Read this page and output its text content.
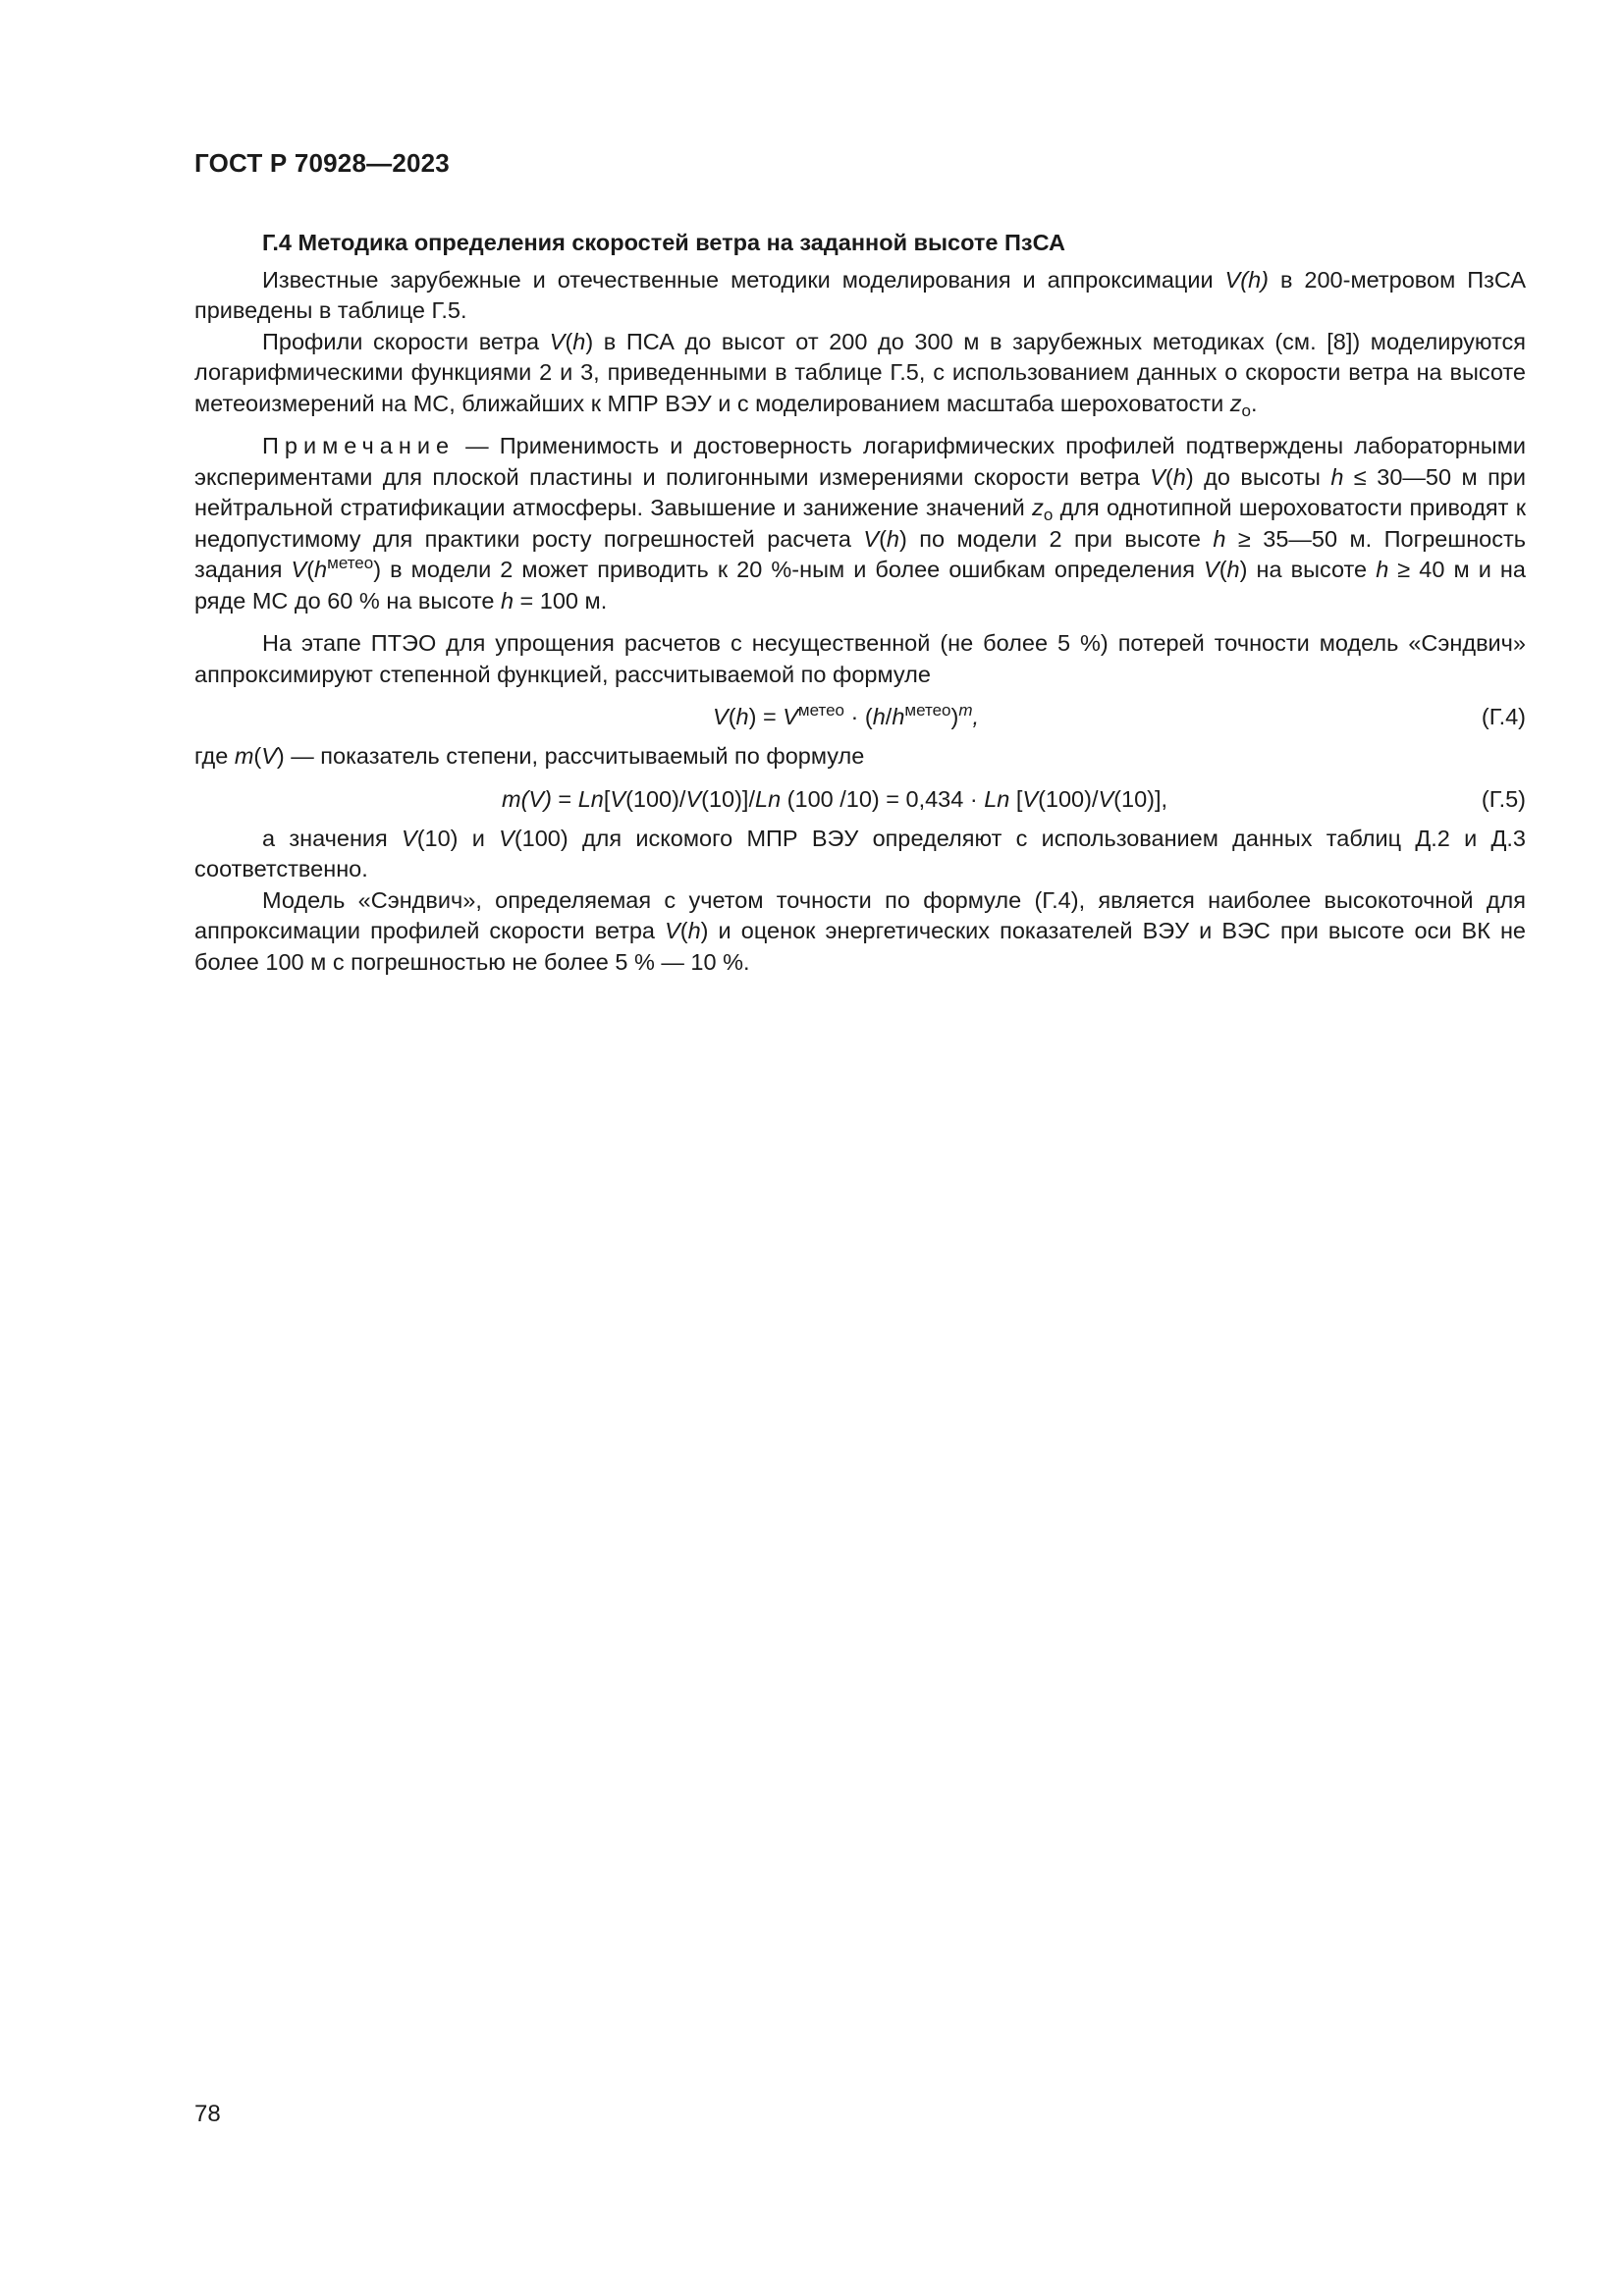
ГОСТ Р 70928—2023
Г.4 Методика определения скоростей ветра на заданной высоте ПзСА

Известные зарубежные и отечественные методики моделирования и аппроксимации V(h) в 200-метровом ПзСА приведены в таблице Г.5.

Профили скорости ветра V(h) в ПСА до высот от 200 до 300 м в зарубежных методиках (см. [8]) моделируются логарифмическими функциями 2 и 3, приведенными в таблице Г.5, с использованием данных о скорости ветра на высоте метеоизмерений на МС, ближайших к МПР ВЭУ и с моделированием масштаба шероховатости $z_о$.

Примечание — Применимость и достоверность логарифмических профилей подтверждены лабораторными экспериментами для плоской пластины и полигонными измерениями скорости ветра V(h) до высоты h ≤ 30—50 м при нейтральной стратификации атмосферы. Завышение и занижение значений $z_о$ для однотипной шероховатости приводят к недопустимому для практики росту погрешностей расчета V(h) по модели 2 при высоте h ≥ 35—50 м. Погрешность задания $V(h^{метео})$ в модели 2 может приводить к 20 %-ным и более ошибкам определения V(h) на высоте h ≥ 40 м и на ряде МС до 60 % на высоте h = 100 м.

На этапе ПТЭО для упрощения расчетов с несущественной (не более 5 %) потерей точности модель «Сэндвич» аппроксимируют степенной функцией, рассчитываемой по формуле

$V(h) = V^{метео} \cdot (h/h^{метео})^m$,	(Г.4)

где m(V) — показатель степени, рассчитываемый по формуле

m(V) = Ln[V(100)/V(10)]/Ln (100 /10) = 0,434 · Ln [V(100)/V(10)],	(Г.5)

а значения V(10) и V(100) для искомого МПР ВЭУ определяют с использованием данных таблиц Д.2 и Д.3 соответственно.

Модель «Сэндвич», определяемая с учетом точности по формуле (Г.4), является наиболее высокоточной для аппроксимации профилей скорости ветра V(h) и оценок энергетических показателей ВЭУ и ВЭС при высоте оси ВК не более 100 м с погрешностью не более 5 % — 10 %.

78
